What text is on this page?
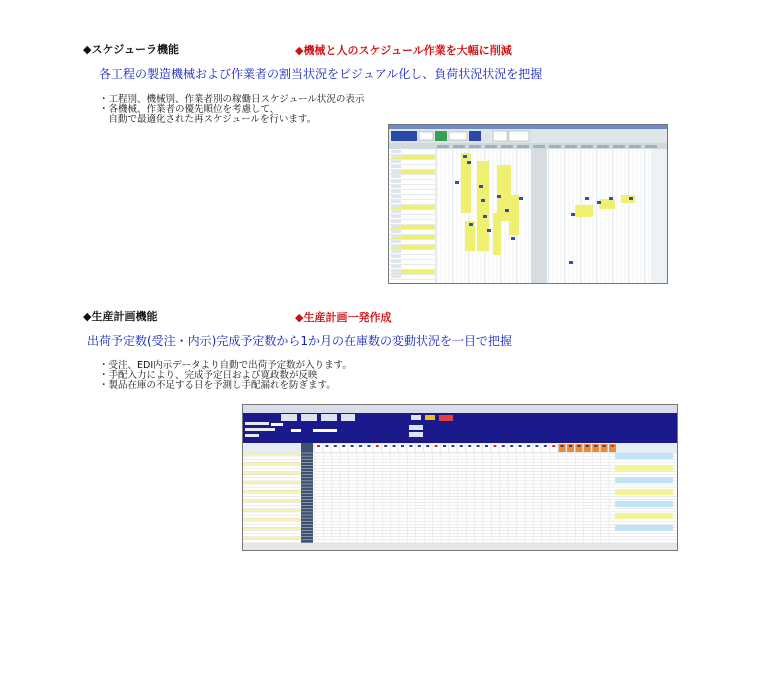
◆スケジューラ機能	◆機械と人のスケジュール作業を大幅に削減
各工程の製造機械および作業者の割当状況をビジュアル化し、負荷状況状況を把握
・工程別、機械別、作業者別の稼働日スケジュール状況の表示
・各機械、作業者の優先順位を考慮して、
　自動で最適化された再スケジュールを行います。
◆生産計画機能	◆生産計画一発作成
出荷予定数(受注・内示)完成予定数から1か月の在庫数の変動状況を一目で把握
・受注、EDI内示データより自動で出荷予定数が入ります。
・手配入力により、完成予定日および寛政数が反映
・製品在庫の不足する日を予測し手配漏れを防ぎます。
